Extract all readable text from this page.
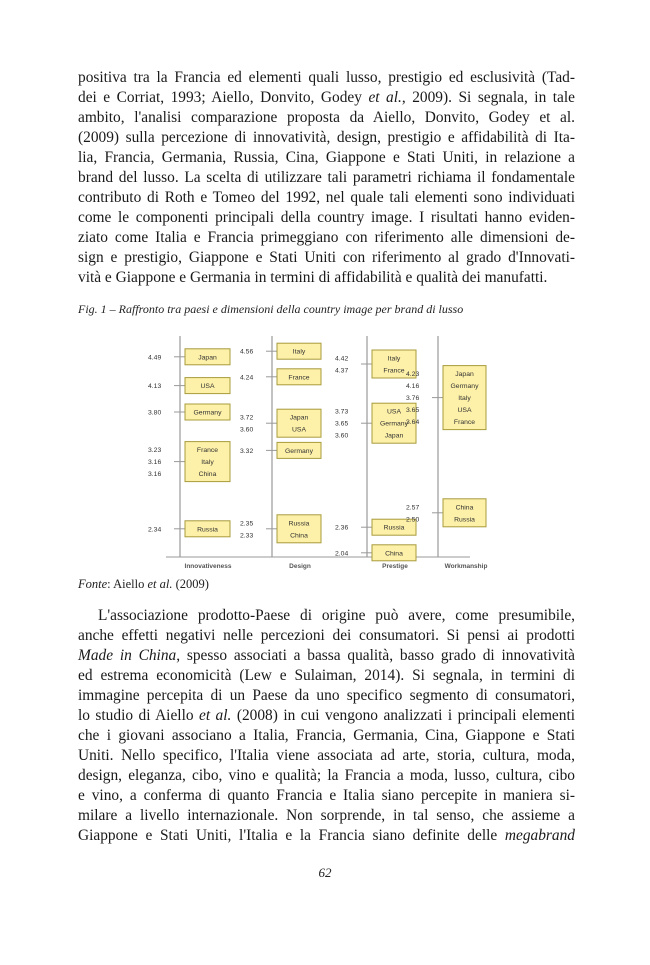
positiva tra la Francia ed elementi quali lusso, prestigio ed esclusività (Tad-
dei e Corriat, 1993; Aiello, Donvito, Godey et al., 2009). Si segnala, in tale
ambito, l'analisi comparazione proposta da Aiello, Donvito, Godey et al.
(2009) sulla percezione di innovatività, design, prestigio e affidabilità di Ita-
lia, Francia, Germania, Russia, Cina, Giappone e Stati Uniti, in relazione a
brand del lusso. La scelta di utilizzare tali parametri richiama il fondamentale
contributo di Roth e Tomeo del 1992, nel quale tali elementi sono individuati
come le componenti principali della country image. I risultati hanno eviden-
ziato come Italia e Francia primeggiano con riferimento alle dimensioni de-
sign e prestigio, Giappone e Stati Uniti con riferimento al grado d'Innovati-
vità e Giappone e Germania in termini di affidabilità e qualità dei manufatti.
Fig. 1 – Raffronto tra paesi e dimensioni della country image per brand di lusso
Innovativeness
Japan
4.49
USA
4.13
Germany
3.80
France
3.23
Italy
3.16
China
3.16
Russia
2.34
Design
Italy
4.56
France
4.24
Japan
3.72
USA
3.60
Germany
3.32
Russia
2.35
China
2.33
Prestige
Italy
4.42
France
4.37
USA
3.73
Germany
3.65
Japan
3.60
Russia
2.36
China
2.04
Workmanship
Japan
4.23
Germany
4.16
Italy
3.76
USA
3.65
France
3.64
China
2.57
Russia
2.50
Fonte: Aiello et al. (2009)
L'associazione prodotto-Paese di origine può avere, come presumibile,
anche effetti negativi nelle percezioni dei consumatori. Si pensi ai prodotti
Made in China, spesso associati a bassa qualità, basso grado di innovatività
ed estrema economicità (Lew e Sulaiman, 2014). Si segnala, in termini di
immagine percepita di un Paese da uno specifico segmento di consumatori,
lo studio di Aiello et al. (2008) in cui vengono analizzati i principali elementi
che i giovani associano a Italia, Francia, Germania, Cina, Giappone e Stati
Uniti. Nello specifico, l'Italia viene associata ad arte, storia, cultura, moda,
design, eleganza, cibo, vino e qualità; la Francia a moda, lusso, cultura, cibo
e vino, a conferma di quanto Francia e Italia siano percepite in maniera si-
milare a livello internazionale. Non sorprende, in tal senso, che assieme a
Giappone e Stati Uniti, l'Italia e la Francia siano definite delle megabrand
62
